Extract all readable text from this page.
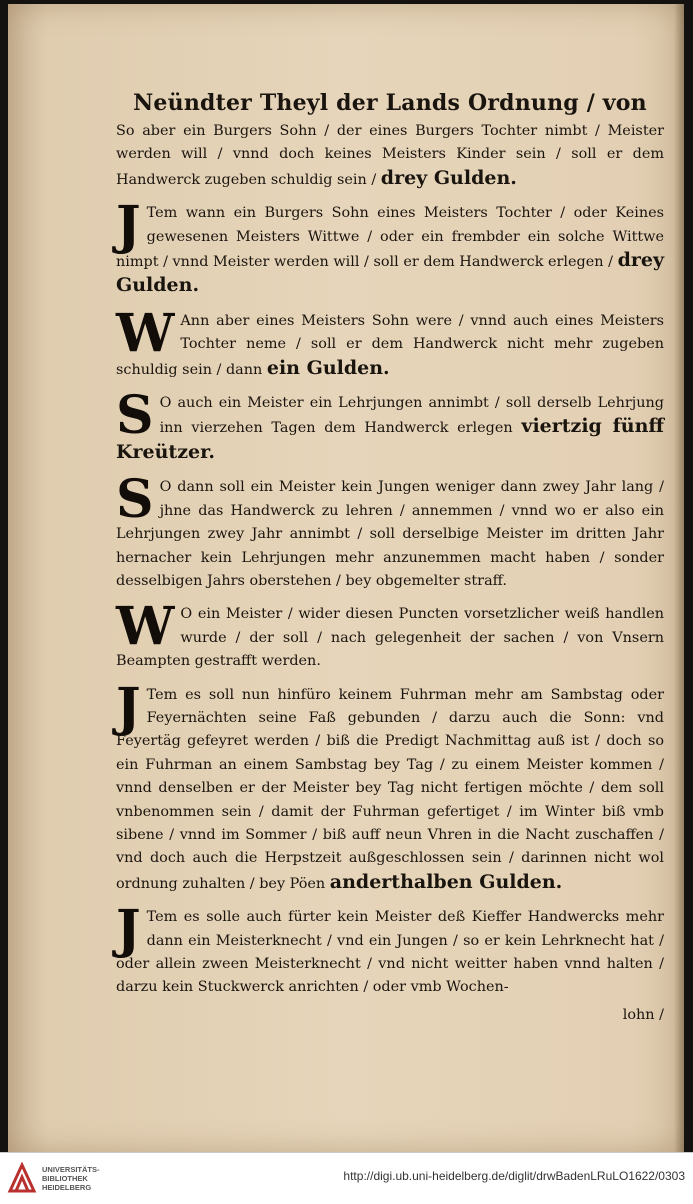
Neündter Theyl der Lands Ordnung / von

So aber ein Burgers Sohn / der eines Burgers Tochter nimbt / Meister werden will / vnnd doch keines Meisters Kinder sein / soll er dem Handwerck zugeben schuldig sein / drey Gulden.

J Tem wann ein Burgers Sohn eines Meisters Tochter / oder Keines gewesenen Meisters Wittwe / oder ein frembder ein solche Wittwe nimpt / vnnd Meister werden will / soll er dem Handwerck erlegen / drey Gulden.

W Ann aber eines Meisters Sohn were / vnnd auch eines Meisters Tochter neme / soll er dem Handwerck nicht mehr zugeben schuldig sein / dann ein Gulden.

S O auch ein Meister ein Lehrjungen annimbt / soll derselb Lehrjung inn vierzehen Tagen dem Handwerck erlegen viertzig fünff Kreützer.

S O dann soll ein Meister kein Jungen weniger dann zwey Jahr lang / jhne das Handwerck zu lehren / annemmen / vnnd wo er also ein Lehrjungen zwey Jahr annimbt / soll derselbige Meister im dritten Jahr hernacher kein Lehrjungen mehr anzunemmen macht haben / sonder desselbigen Jahrs oberstehen / bey obgemelter straff.

W O ein Meister / wider diesen Puncten vorsetzlicher weiß handlen wurde / der soll / nach gelegenheit der sachen / von Vnsern Beampten gestrafft werden.

J Tem es soll nun hinfüro keinem Fuhrman mehr am Sambstag oder Feyernächten seine Faß gebunden / darzu auch die Sonn: vnd Feyertäg gefeyret werden / biß die Predigt Nachmittag auß ist / doch so ein Fuhrman an einem Sambstag bey Tag / zu einem Meister kommen / vnnd denselben er der Meister bey Tag nicht fertigen möchte / dem soll vnbenommen sein / damit der Fuhrman gefertiget / im Winter biß vmb sibene / vnnd im Sommer / biß auff neun Vhren in die Nacht zuschaffen / vnd doch auch die Herpstzeit außgeschlossen sein / darinnen nicht wol ordnung zuhalten / bey Pöen anderthalben Gulden.

J Tem es solle auch fürter kein Meister deß Kieffer Handwercks mehr dann ein Meisterknecht / vnd ein Jungen / so er kein Lehrknecht hat / oder allein zween Meisterknecht / vnd nicht weitter haben vnnd halten / darzu kein Stuckwerck anrichten / oder vmb Wochen-

lohn /
UNIVERSITÄTS-
BIBLIOTHEK
HEIDELBERG
http://digi.ub.uni-heidelberg.de/diglit/drwBadenLRuLO1622/0303
